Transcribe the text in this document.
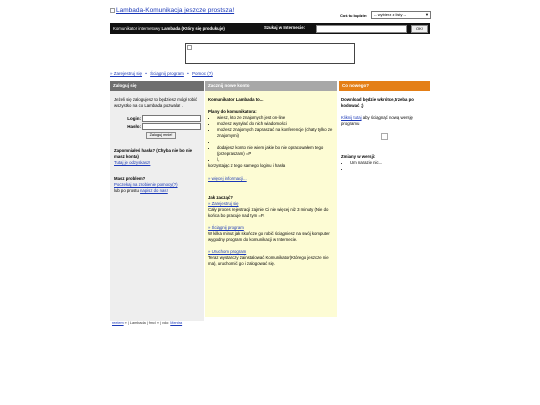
Lambada-Komunikacja jeszcze prostsza!
Coś tu będzie:	-- wybierz z listy --	▼
Komunikator internetowy
Lambada (Który się produkuje)	Szukaj w Internecie:	OK!
» Zarejestruj się • Ściągnij program • Pomoc (?)
Zaloguj się	Zacznij nowe konto	Co nowego?
Jeżeli się zalogujesz to będziesz mógł robić wszystko na co Lambada pozwala! .
Login:
Hasło:
Zaloguj mnie!
Zapomniałeś hasła? (Chyba nie bo nie masz konta)
Tutaj je odzyskasz!
Masz problem?
Poczekaj na zrobienie pomocy(?)
lub po prostu napisz do nas!
Komunikator Lambada to...
Plany do komunikatora:
• wiesz, kto ze znajomych jest on-line
• możesz wysyłać do nich wiadomości
• możesz znajomych zapraszać na konferencje (chaty tylko ze znajomymi)
•
• dodajesz konto nie wiem jakie bo nie opracowałem tego (przepraszam) =P
• \,
korzystając z tego samego loginu i hasła
» więcej informacji...
Jak zacząć?
» Zarejestruj się
Cały proces rejestracji zajmie Ci nie więcej niż 3 minuty (Nie do końca bo pracuje nad tym =P.
» Ściągnij program
W kilka minut jak skończe go robić ściągniesz na swój komputer wygodny program do komunikacji w Internecie.
» Uruchom program
Teraz wystarczy zainstalować Komunikator(Którego jeszcze nie ma), uruchomić go i zalogować się.
Download będzie wkrótce,trzeba po kodować ;)
Kliknij tutaj aby ściągnąć nową wersję programu
Zmiany w wersji:
• Um narazie nic...
•
reeiem » | Lambada | fmcl » | vdo: Mentra
